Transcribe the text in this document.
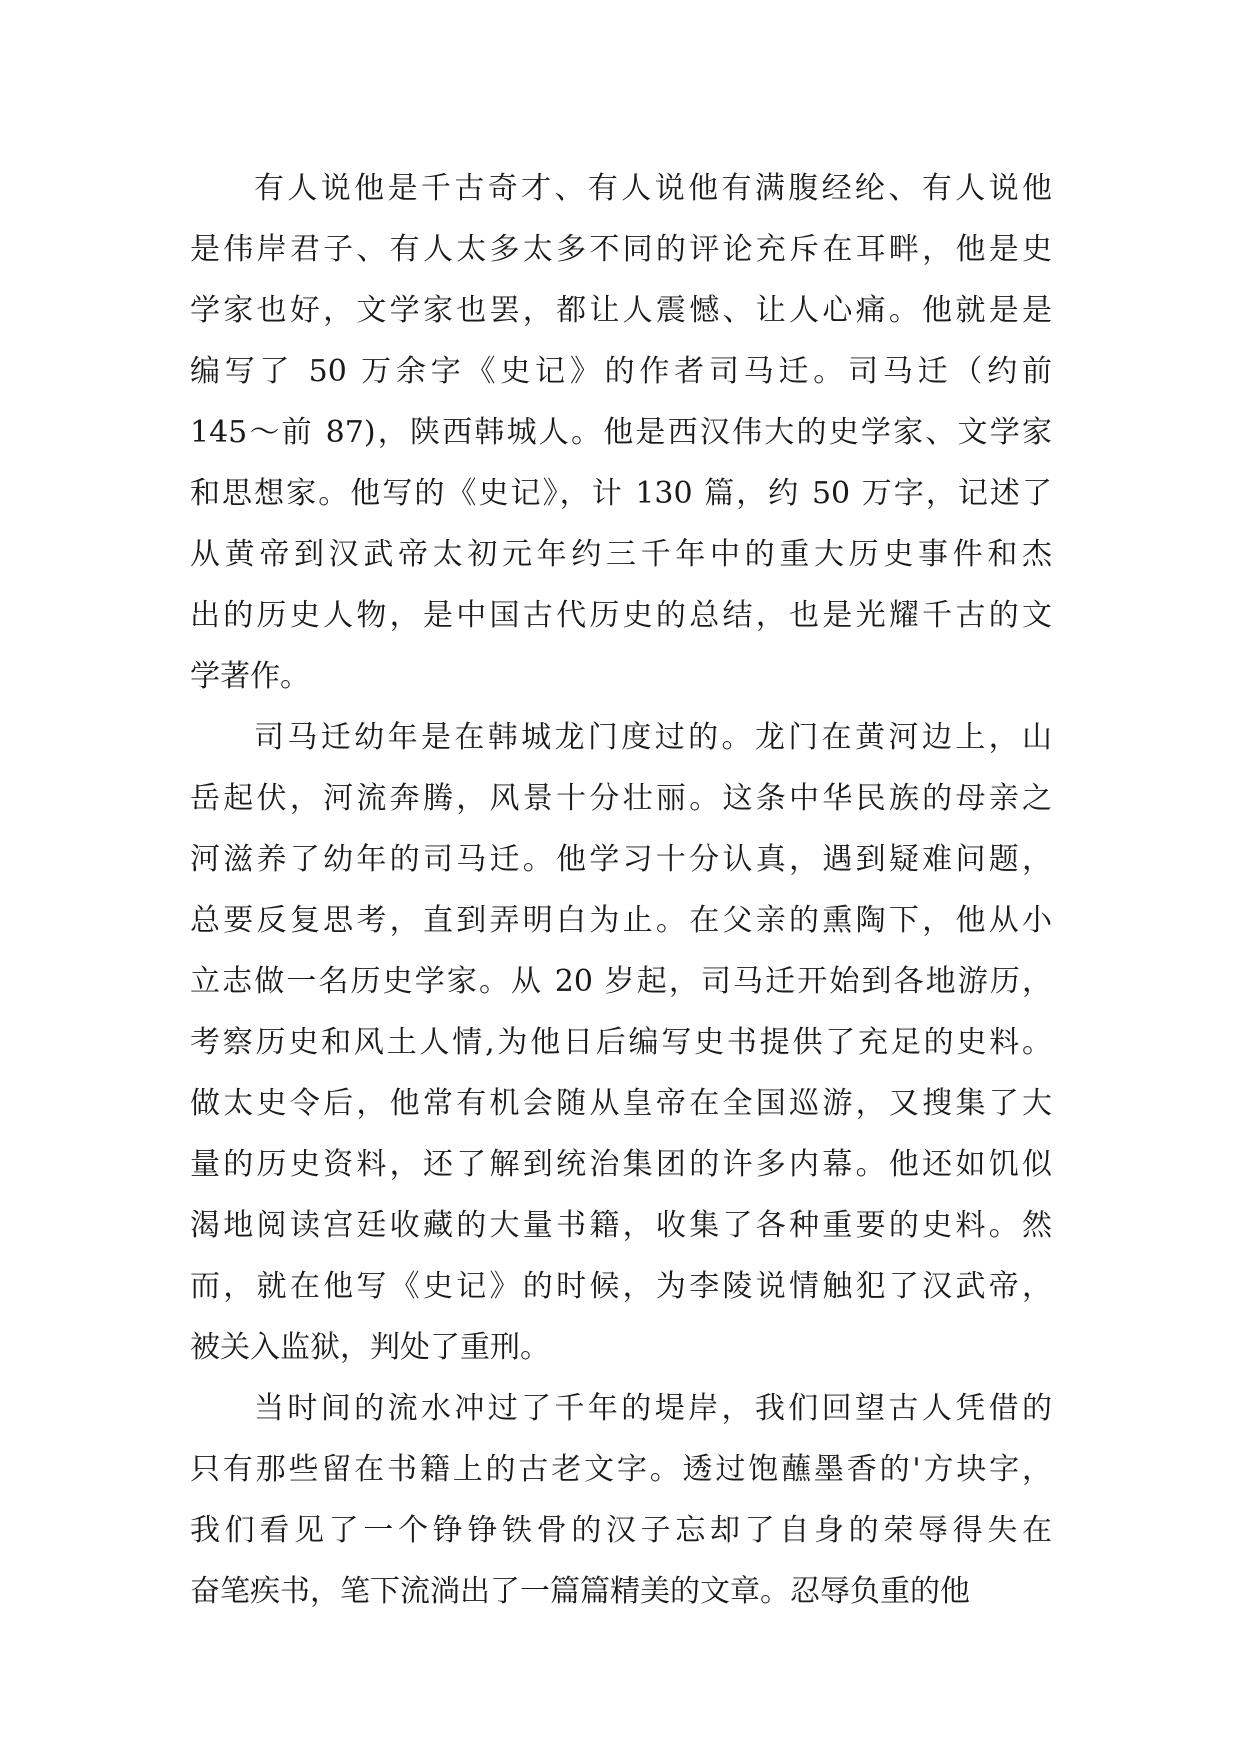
有人说他是千古奇才、有人说他有满腹经纶、有人说他
是伟岸君子、有人太多太多不同的评论充斥在耳畔，他是史
学家也好，文学家也罢，都让人震憾、让人心痛。他就是是
编写了 50 万余字《史记》的作者司马迁。司马迁（约前
145～前 87)，陕西韩城人。他是西汉伟大的史学家、文学家
和思想家。他写的《史记》，计 130 篇，约 50 万字，记述了
从黄帝到汉武帝太初元年约三千年中的重大历史事件和杰
出的历史人物，是中国古代历史的总结，也是光耀千古的文
学著作。
司马迁幼年是在韩城龙门度过的。龙门在黄河边上，山
岳起伏，河流奔腾，风景十分壮丽。这条中华民族的母亲之
河滋养了幼年的司马迁。他学习十分认真，遇到疑难问题，
总要反复思考，直到弄明白为止。在父亲的熏陶下，他从小
立志做一名历史学家。从 20 岁起，司马迁开始到各地游历，
考察历史和风土人情,为他日后编写史书提供了充足的史料。
做太史令后，他常有机会随从皇帝在全国巡游，又搜集了大
量的历史资料，还了解到统治集团的许多内幕。他还如饥似
渴地阅读宫廷收藏的大量书籍，收集了各种重要的史料。然
而，就在他写《史记》的时候，为李陵说情触犯了汉武帝，
被关入监狱，判处了重刑。
当时间的流水冲过了千年的堤岸，我们回望古人凭借的
只有那些留在书籍上的古老文字。透过饱蘸墨香的'方块字，
我们看见了一个铮铮铁骨的汉子忘却了自身的荣辱得失在
奋笔疾书，笔下流淌出了一篇篇精美的文章。忍辱负重的他
